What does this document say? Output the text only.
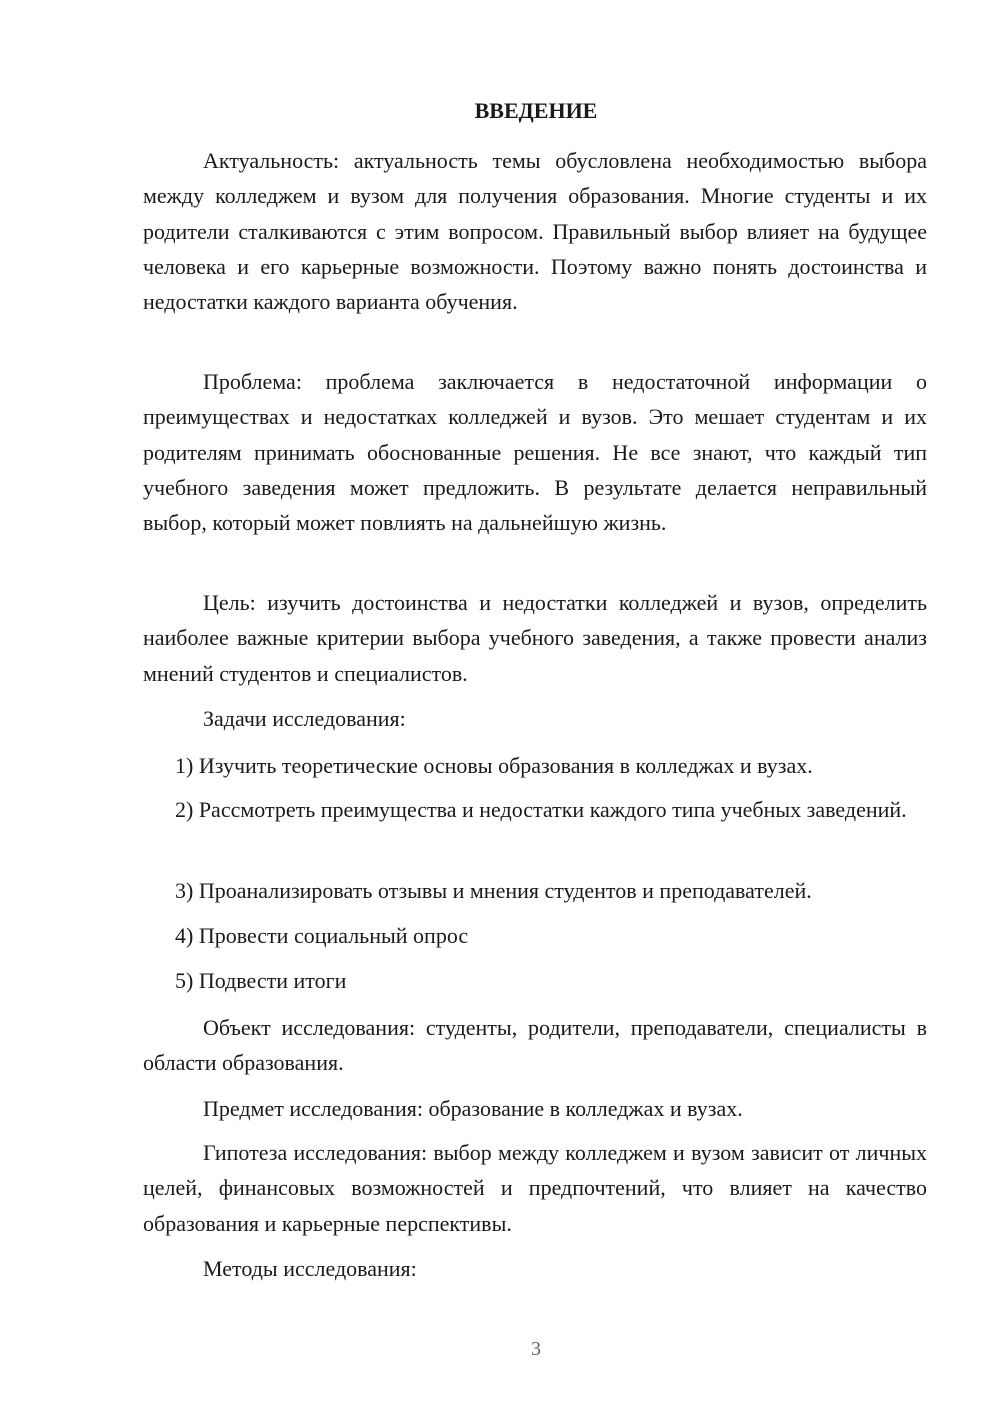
ВВЕДЕНИЕ

Актуальность: актуальность темы обусловлена необходимостью выбора между колледжем и вузом для получения образования. Многие студенты и их родители сталкиваются с этим вопросом. Правильный выбор влияет на будущее человека и его карьерные возможности. Поэтому важно понять достоинства и недостатки каждого варианта обучения.

Проблема: проблема заключается в недостаточной информации о преимуществах и недостатках колледжей и вузов. Это мешает студентам и их родителям принимать обоснованные решения. Не все знают, что каждый тип учебного заведения может предложить. В результате делается неправильный выбор, который может повлиять на дальнейшую жизнь.

Цель: изучить достоинства и недостатки колледжей и вузов, определить наиболее важные критерии выбора учебного заведения, а также провести анализ мнений студентов и специалистов.

Задачи исследования:

1) Изучить теоретические основы образования в колледжах и вузах.

2) Рассмотреть преимущества и недостатки каждого типа учебных заведений.

3) Проанализировать отзывы и мнения студентов и преподавателей.

4) Провести социальный опрос

5) Подвести итоги

Объект исследования: студенты, родители, преподаватели, специалисты в области образования.

Предмет исследования: образование в колледжах и вузах.

Гипотеза исследования: выбор между колледжем и вузом зависит от личных целей, финансовых возможностей и предпочтений, что влияет на качество образования и карьерные перспективы.

Методы исследования:

3
